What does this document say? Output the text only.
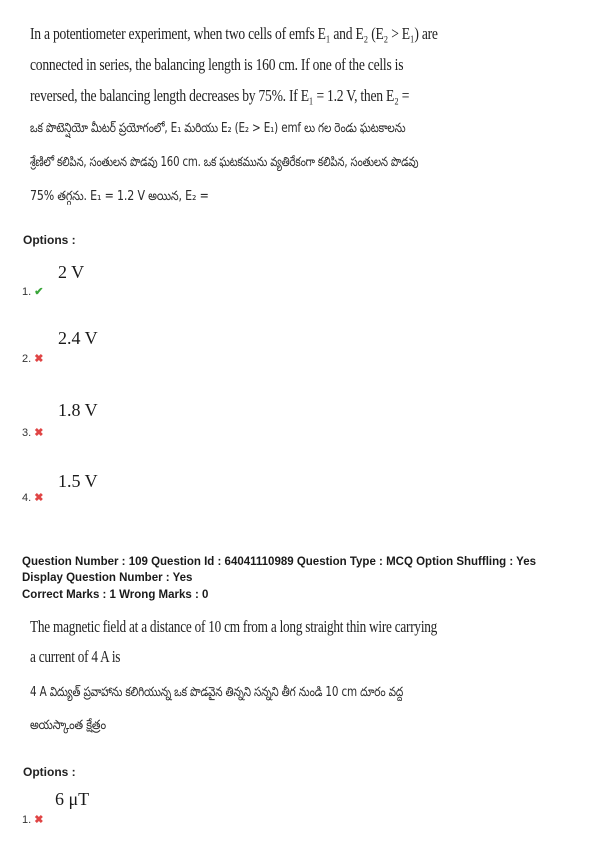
In a potentiometer experiment, when two cells of emfs E₁ and E₂ (E₂ > E₁) are
connected in series, the balancing length is 160 cm. If one of the cells is
reversed, the balancing length decreases by 75%. If E₁ = 1.2 V, then E₂ =
ఒక పొటెన్షియో మీటర్ ప్రయోగంలో, E₁ మరియు E₂ (E₂ > E₁) emf లు గల రెండు ఘటకాలను
శ్రేణిలో కలిపిన, సంతులన పొడవు 160 cm. ఒక ఘటకమును వ్యతిరేకంగా కలిపిన, సంతులన పొడవు
75% తగ్గను. E₁ = 1.2 V అయిన, E₂ =
Options :
2 V
1. ✔
2.4 V
2. ✖
1.8 V
3. ✖
1.5 V
4. ✖
Question Number : 109 Question Id : 64041110989 Question Type : MCQ Option Shuffling : Yes
Display Question Number : Yes
Correct Marks : 1 Wrong Marks : 0
The magnetic field at a distance of 10 cm from a long straight thin wire carrying
a current of 4 A is
4 A విద్యుత్ ప్రవాహాను కలిగియున్న ఒక పొడవైన తిన్నని సన్నని తీగ నుండి 10 cm దూరం వద్ద
అయస్కాంత క్షేత్రం
Options :
6 μT
1. ✖
